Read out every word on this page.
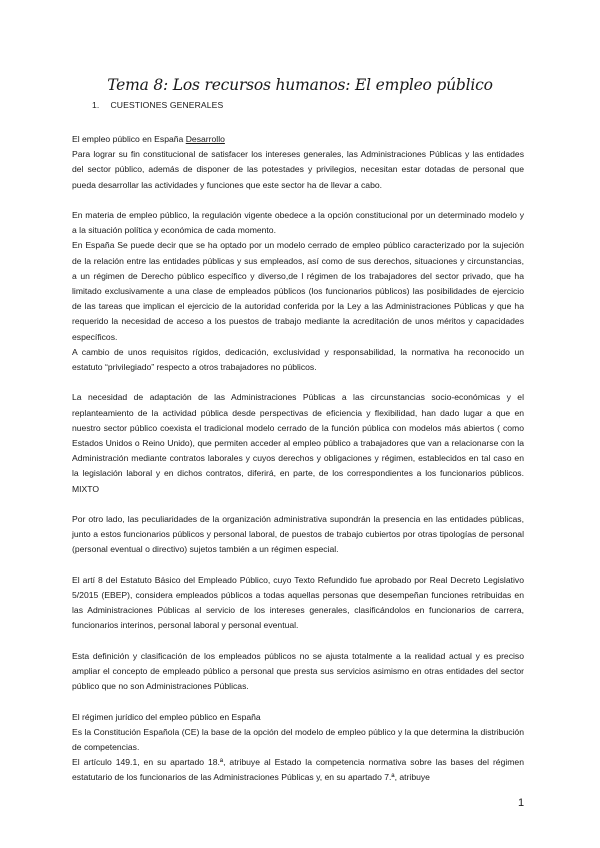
Tema 8: Los recursos humanos: El empleo público
1. CUESTIONES GENERALES

El empleo público en España Desarrollo
Para lograr su fin constitucional de satisfacer los intereses generales, las Administraciones Públicas y las entidades del sector público, además de disponer de las potestades y privilegios, necesitan estar dotadas de personal que pueda desarrollar las actividades y funciones que este sector ha de llevar a cabo.

En materia de empleo público, la regulación vigente obedece a la opción constitucional por un determinado modelo y a la situación política y económica de cada momento.

En España Se puede decir que se ha optado por un modelo cerrado de empleo público caracterizado por la sujeción de la relación entre las entidades públicas y sus empleados, así como de sus derechos, situaciones y circunstancias, a un régimen de Derecho público específico y diverso,de l régimen de los trabajadores del sector privado, que ha limitado exclusivamente a una clase de empleados públicos (los funcionarios públicos) las posibilidades de ejercicio de las tareas que implican el ejercicio de la autoridad conferida por la Ley a las Administraciones Públicas y que ha requerido la necesidad de acceso a los puestos de trabajo mediante la acreditación de unos méritos y capacidades específicos.

A cambio de unos requisitos rígidos, dedicación, exclusividad y responsabilidad, la normativa ha reconocido un estatuto “privilegiado” respecto a otros trabajadores no públicos.

La necesidad de adaptación de las Administraciones Públicas a las circunstancias socio-económicas y el replanteamiento de la actividad pública desde perspectivas de eficiencia y flexibilidad, han dado lugar a que en nuestro sector público coexista el tradicional modelo cerrado de la función pública con modelos más abiertos ( como Estados Unidos o Reino Unido), que permiten acceder al empleo público a trabajadores que van a relacionarse con la Administración mediante contratos laborales y cuyos derechos y obligaciones y régimen, establecidos en tal caso en la legislación laboral y en dichos contratos, diferirá, en parte, de los correspondientes a los funcionarios públicos. MIXTO

Por otro lado, las peculiaridades de la organización administrativa supondrán la presencia en las entidades públicas, junto a estos funcionarios públicos y personal laboral, de puestos de trabajo cubiertos por otras tipologías de personal (personal eventual o directivo) sujetos también a un régimen especial.

El artí 8 del Estatuto Básico del Empleado Público, cuyo Texto Refundido fue aprobado por Real Decreto Legislativo 5/2015 (EBEP), considera empleados públicos a todas aquellas personas que desempeñan funciones retribuidas en las Administraciones Públicas al servicio de los intereses generales, clasificándolos en funcionarios de carrera, funcionarios interinos, personal laboral y personal eventual.

Esta definición y clasificación de los empleados públicos no se ajusta totalmente a la realidad actual y es preciso ampliar el concepto de empleado público a personal que presta sus servicios asimismo en otras entidades del sector público que no son Administraciones Públicas.

El régimen jurídico del empleo público en España
Es la Constitución Española (CE) la base de la opción del modelo de empleo público y la que determina la distribución de competencias.

El artículo 149.1, en su apartado 18.ª, atribuye al Estado la competencia normativa sobre las bases del régimen estatutario de los funcionarios de las Administraciones Públicas y, en su apartado 7.ª, atribuye

1
